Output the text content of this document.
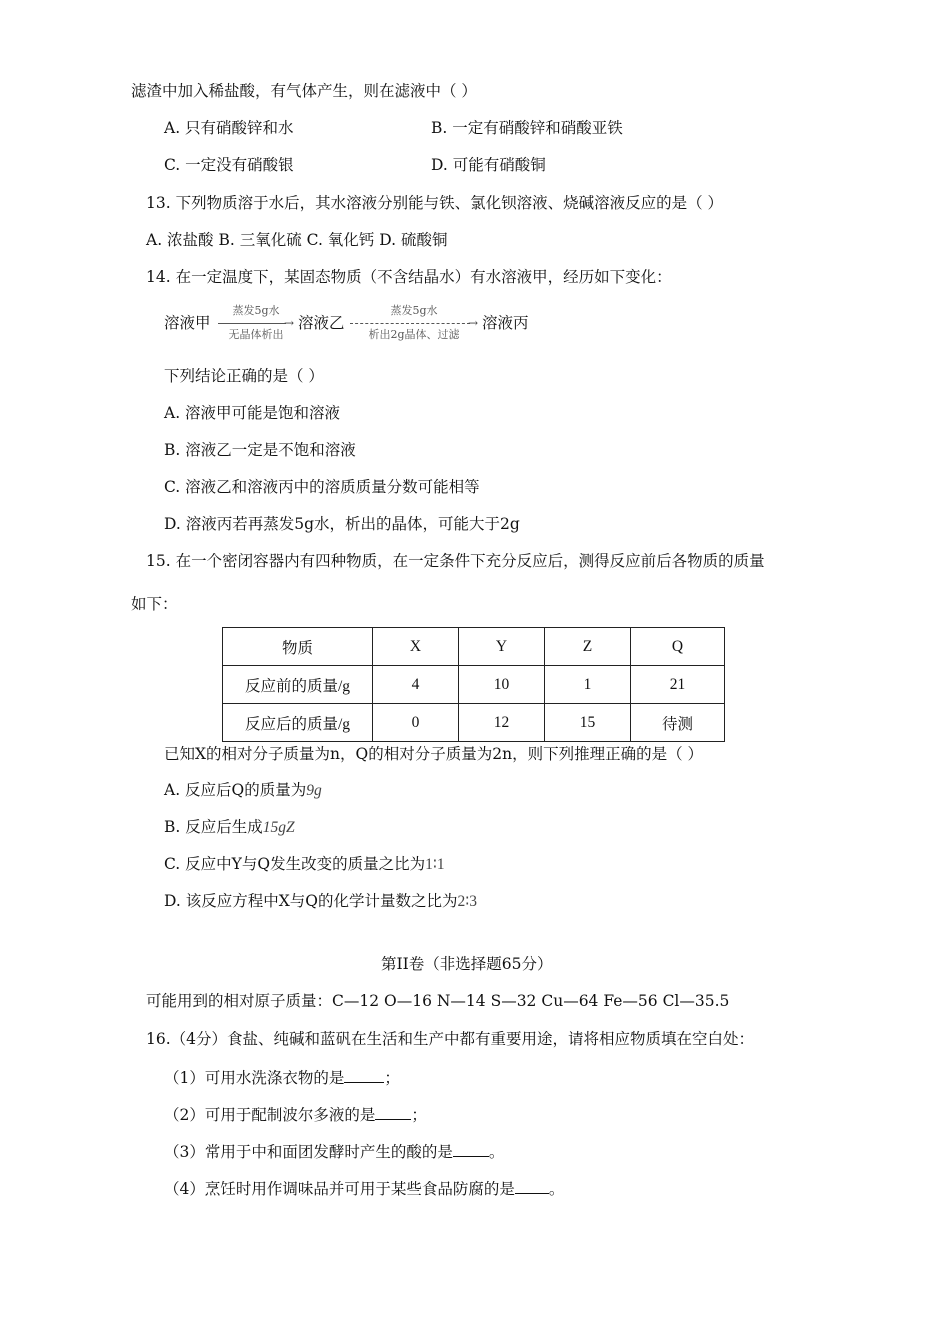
滤渣中加入稀盐酸，有气体产生，则在滤液中（ ）
A. 只有硝酸锌和水	B. 一定有硝酸锌和硝酸亚铁
C. 一定没有硝酸银	D. 可能有硝酸铜
13. 下列物质溶于水后，其水溶液分别能与铁、氯化钡溶液、烧碱溶液反应的是（ ）
A. 浓盐酸 B. 三氧化硫 C. 氧化钙 D. 硫酸铜
14. 在一定温度下，某固态物质（不含结晶水）有水溶液甲，经历如下变化：
溶液甲
蒸发5g水
→
无晶体析出
溶液乙
蒸发5g水
→
析出2g晶体、过滤
溶液丙
下列结论正确的是（ ）
A. 溶液甲可能是饱和溶液
B. 溶液乙一定是不饱和溶液
C. 溶液乙和溶液丙中的溶质质量分数可能相等
D. 溶液丙若再蒸发5g水，析出的晶体，可能大于2g
15. 在一个密闭容器内有四种物质，在一定条件下充分反应后，测得反应前后各物质的质量
如下：
物质	X	Y	Z	Q
反应前的质量/g	4	10	1	21
反应后的质量/g	0	12	15	待测
已知X的相对分子质量为n，Q的相对分子质量为2n，则下列推理正确的是（ ）
A. 反应后Q的质量为9g
B. 反应后生成15gZ
C. 反应中Y与Q发生改变的质量之比为1∶1
D. 该反应方程中X与Q的化学计量数之比为2∶3
第II卷（非选择题65分）
可能用到的相对原子质量：C—12 O—16 N—14 S—32 Cu—64 Fe—56 Cl—35.5
16.（4分）食盐、纯碱和蓝矾在生活和生产中都有重要用途，请将相应物质填在空白处：
（1）可用水洗涤衣物的是	；
（2）可用于配制波尔多液的是 ；
（3）常用于中和面团发酵时产生的酸的是 。
（4）烹饪时用作调味品并可用于某些食品防腐的是 。
